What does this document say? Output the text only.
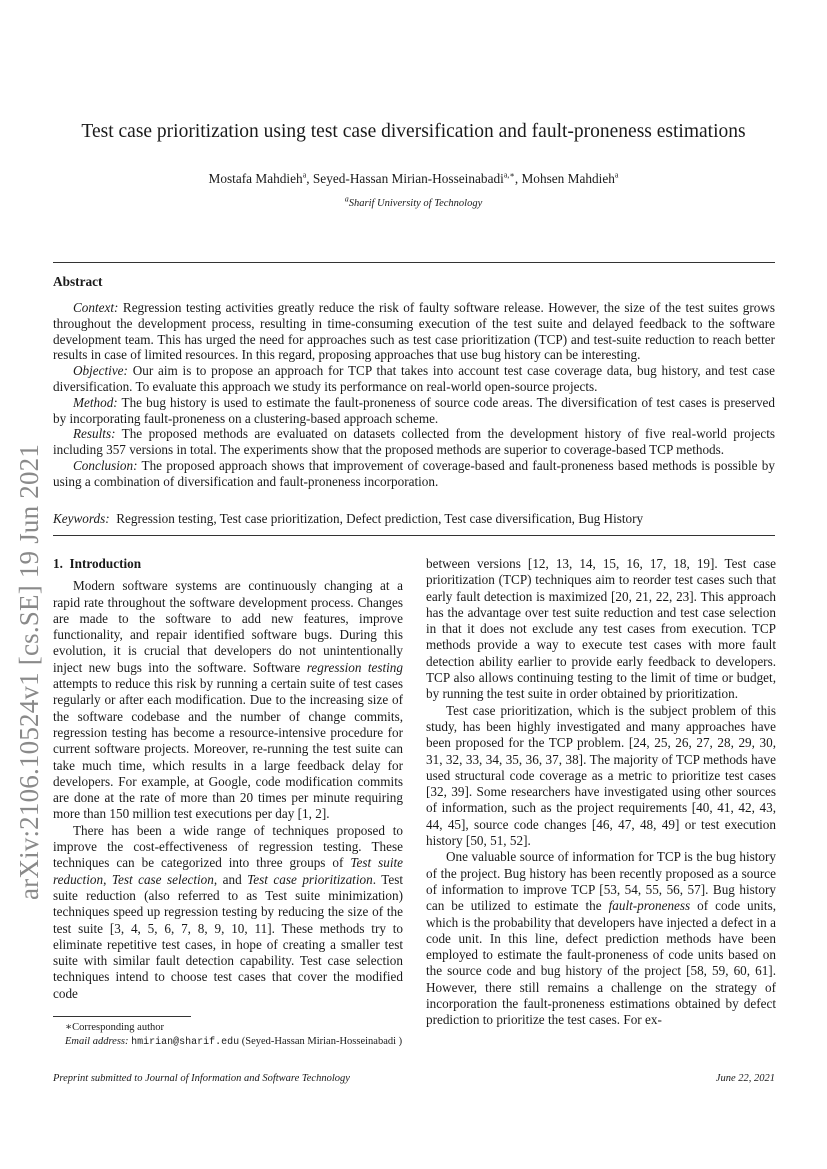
arXiv:2106.10524v1 [cs.SE] 19 Jun 2021
Test case prioritization using test case diversification and fault-proneness estimations
Mostafa Mahdieh$^a$, Seyed-Hassan Mirian-Hosseinabadi$^{a,∗}$, Mohsen Mahdieh$^a$
$^a$Sharif University of Technology
Abstract

Context: Regression testing activities greatly reduce the risk of faulty software release. However, the size of the test suites grows throughout the development process, resulting in time-consuming execution of the test suite and delayed feedback to the software development team. This has urged the need for approaches such as test case prioritization (TCP) and test-suite reduction to reach better results in case of limited resources. In this regard, proposing approaches that use bug history can be interesting.

Objective: Our aim is to propose an approach for TCP that takes into account test case coverage data, bug history, and test case diversification. To evaluate this approach we study its performance on real-world open-source projects.

Method: The bug history is used to estimate the fault-proneness of source code areas. The diversification of test cases is preserved by incorporating fault-proneness on a clustering-based approach scheme.

Results: The proposed methods are evaluated on datasets collected from the development history of five real-world projects including 357 versions in total. The experiments show that the proposed methods are superior to coverage-based TCP methods.

Conclusion: The proposed approach shows that improvement of coverage-based and fault-proneness based methods is possible by using a combination of diversification and fault-proneness incorporation.

Keywords:  Regression testing, Test case prioritization, Defect prediction, Test case diversification, Bug History
1.  Introduction

Modern software systems are continuously changing at a rapid rate throughout the software development process. Changes are made to the software to add new features, improve functionality, and repair identified software bugs. During this evolution, it is crucial that developers do not unintentionally inject new bugs into the software. Software regression testing attempts to reduce this risk by running a certain suite of test cases regularly or after each modification. Due to the increasing size of the software codebase and the number of change commits, regression testing has become a resource-intensive procedure for current software projects. Moreover, re-running the test suite can take much time, which results in a large feedback delay for developers. For example, at Google, code modification commits are done at the rate of more than 20 times per minute requiring more than 150 million test executions per day [1, 2].

There has been a wide range of techniques proposed to improve the cost-effectiveness of regression testing. These techniques can be categorized into three groups of Test suite reduction, Test case selection, and Test case prioritization. Test suite reduction (also referred to as Test suite minimization) techniques speed up regression testing by reducing the size of the test suite [3, 4, 5, 6, 7, 8, 9, 10, 11]. These methods try to eliminate repetitive test cases, in hope of creating a smaller test suite with similar fault detection capability. Test case selection techniques intend to choose test cases that cover the modified code

between versions [12, 13, 14, 15, 16, 17, 18, 19]. Test case prioritization (TCP) techniques aim to reorder test cases such that early fault detection is maximized [20, 21, 22, 23]. This approach has the advantage over test suite reduction and test case selection in that it does not exclude any test cases from execution. TCP methods provide a way to execute test cases with more fault detection ability earlier to provide early feedback to developers. TCP also allows continuing testing to the limit of time or budget, by running the test suite in order obtained by prioritization.

Test case prioritization, which is the subject problem of this study, has been highly investigated and many approaches have been proposed for the TCP problem. [24, 25, 26, 27, 28, 29, 30, 31, 32, 33, 34, 35, 36, 37, 38]. The majority of TCP methods have used structural code coverage as a metric to prioritize test cases [32, 39]. Some researchers have investigated using other sources of information, such as the project requirements [40, 41, 42, 43, 44, 45], source code changes [46, 47, 48, 49] or test execution history [50, 51, 52].

One valuable source of information for TCP is the bug history of the project. Bug history has been recently proposed as a source of information to improve TCP [53, 54, 55, 56, 57]. Bug history can be utilized to estimate the fault-proneness of code units, which is the probability that developers have injected a defect in a code unit. In this line, defect prediction methods have been employed to estimate the fault-proneness of code units based on the source code and bug history of the project [58, 59, 60, 61]. However, there still remains a challenge on the strategy of incorporation the fault-proneness estimations obtained by defect prediction to prioritize the test cases. For ex-

∗Corresponding author
Email address: hmirian@sharif.edu (Seyed-Hassan Mirian-Hosseinabadi )
Preprint submitted to Journal of Information and Software Technology	June 22, 2021
